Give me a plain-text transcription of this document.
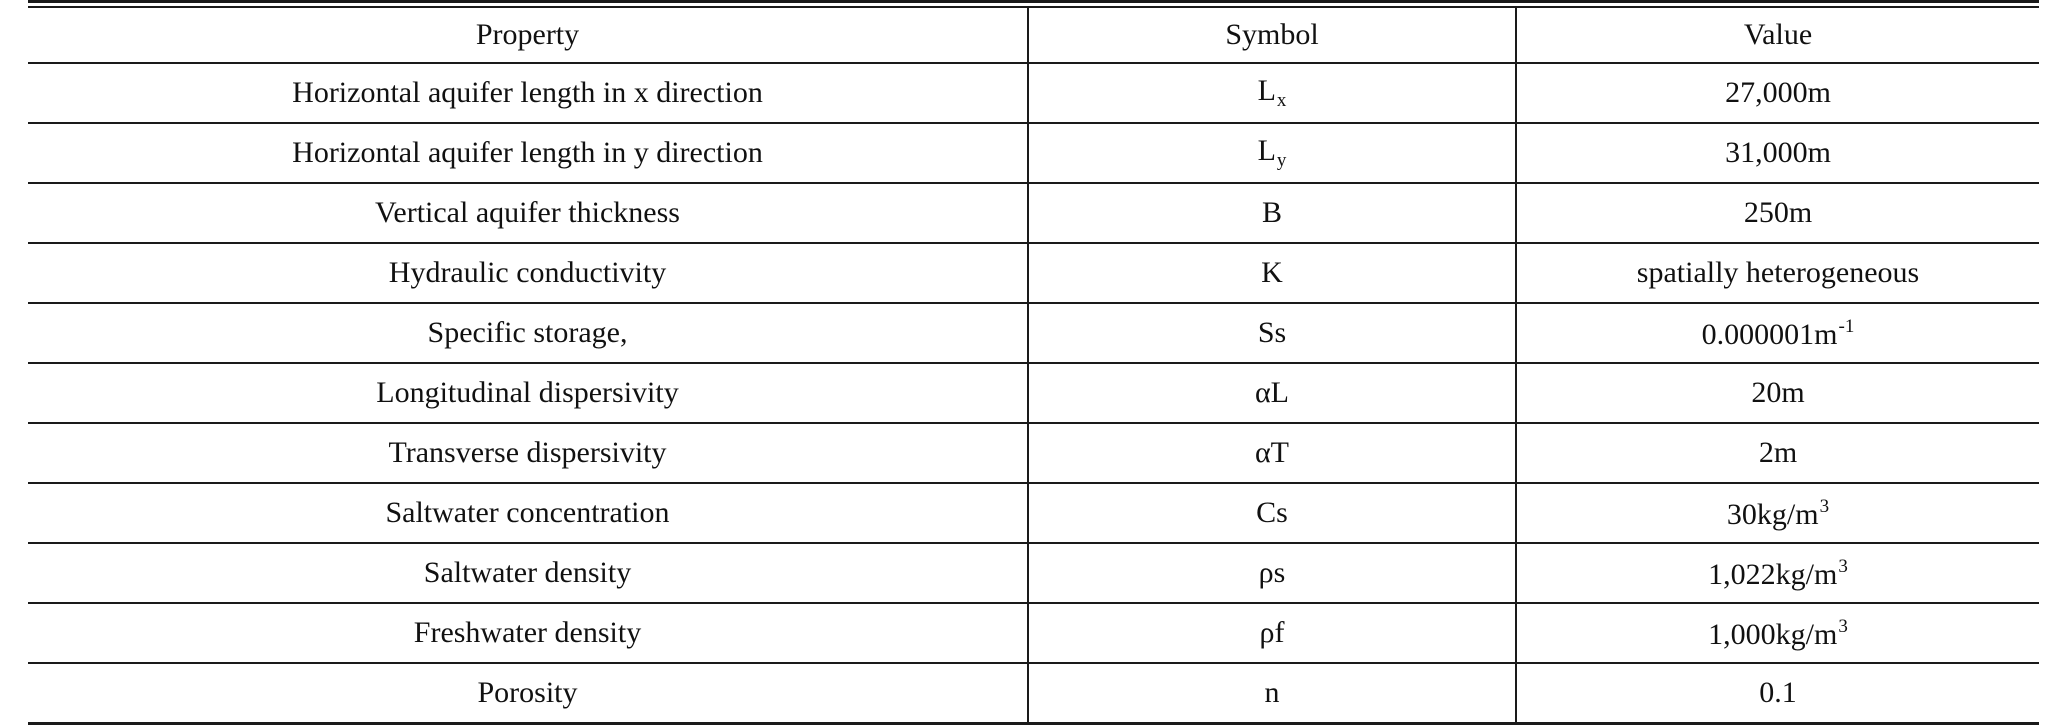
Property	Symbol	Value
Horizontal aquifer length in x direction	$L_x$	27,000m
Horizontal aquifer length in y direction	$L_y$	31,000m
Vertical aquifer thickness	B	250m
Hydraulic conductivity	K	spatially heterogeneous
Specific storage,	Ss	$0.000001m^{-1}$
Longitudinal dispersivity	αL	20m
Transverse dispersivity	αT	2m
Saltwater concentration	Cs	$30kg/m^3$
Saltwater density	ρs	$1,022kg/m^3$
Freshwater density	ρf	$1,000kg/m^3$
Porosity	n	0.1
